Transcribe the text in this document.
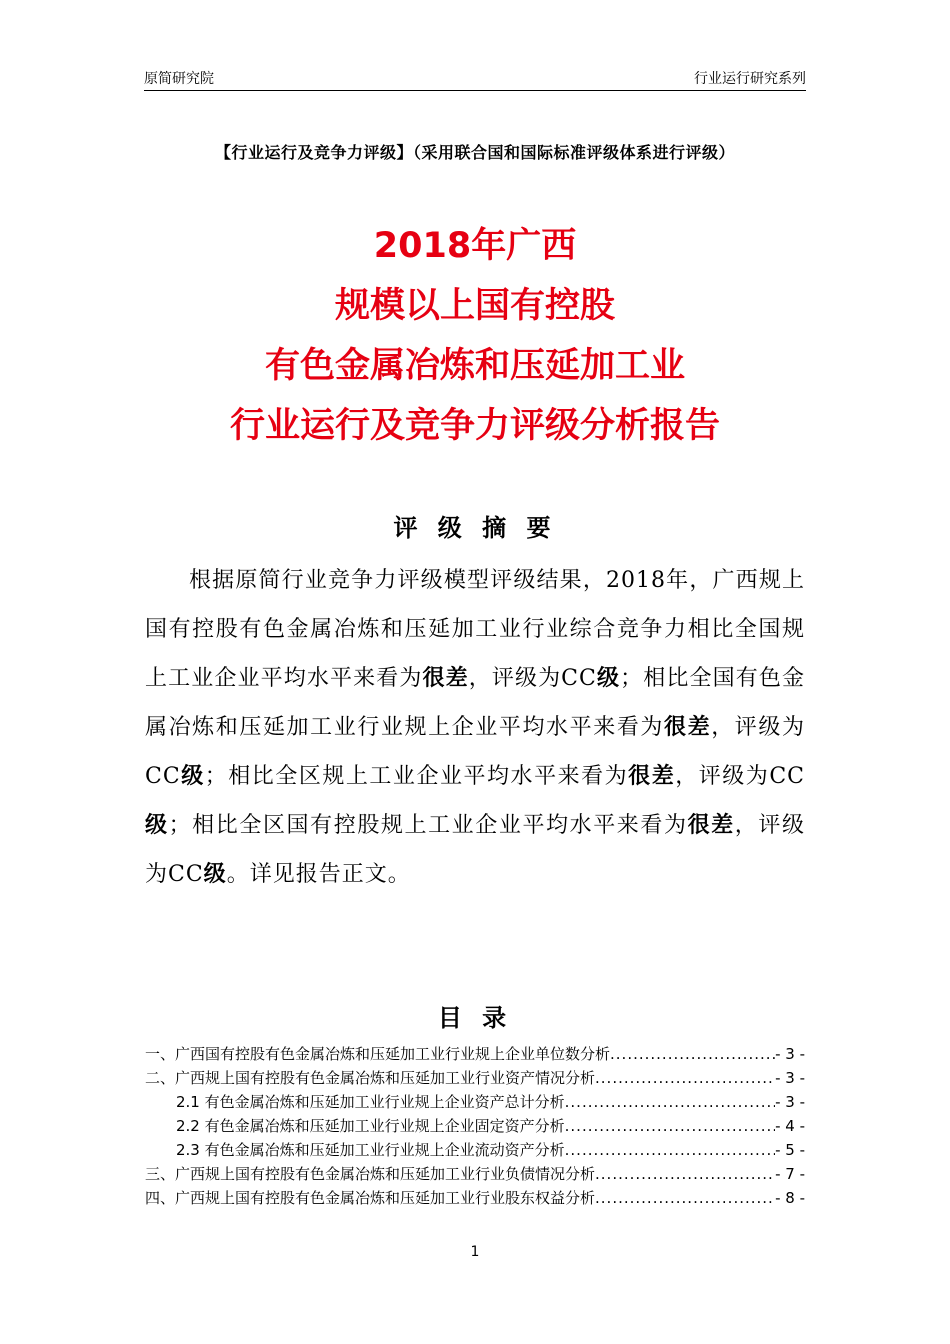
原简研究院	行业运行研究系列
【行业运行及竞争力评级】（采用联合国和国际标准评级体系进行评级）
2018年广西
规模以上国有控股
有色金属冶炼和压延加工业
行业运行及竞争力评级分析报告
评 级 摘 要
根据原简行业竞争力评级模型评级结果，2018年，广西规上国有控股有色金属冶炼和压延加工业行业综合竞争力相比全国规上工业企业平均水平来看为很差，评级为CC级；相比全国有色金属冶炼和压延加工业行业规上企业平均水平来看为很差，评级为CC级；相比全区规上工业企业平均水平来看为很差，评级为CC级；相比全区国有控股规上工业企业平均水平来看为很差，评级为CC级。详见报告正文。
目 录
一、广西国有控股有色金属冶炼和压延加工业行业规上企业单位数分析 .....	- 3 -
二、广西规上国有控股有色金属冶炼和压延加工业行业资产情况分析 .....	- 3 -
2.1 有色金属冶炼和压延加工业行业规上企业资产总计分析 .....	- 3 -
2.2 有色金属冶炼和压延加工业行业规上企业固定资产分析 .....	- 4 -
2.3 有色金属冶炼和压延加工业行业规上企业流动资产分析 .....	- 5 -
三、广西规上国有控股有色金属冶炼和压延加工业行业负债情况分析 .....	- 7 -
四、广西规上国有控股有色金属冶炼和压延加工业行业股东权益分析 .....	- 8 -
1
